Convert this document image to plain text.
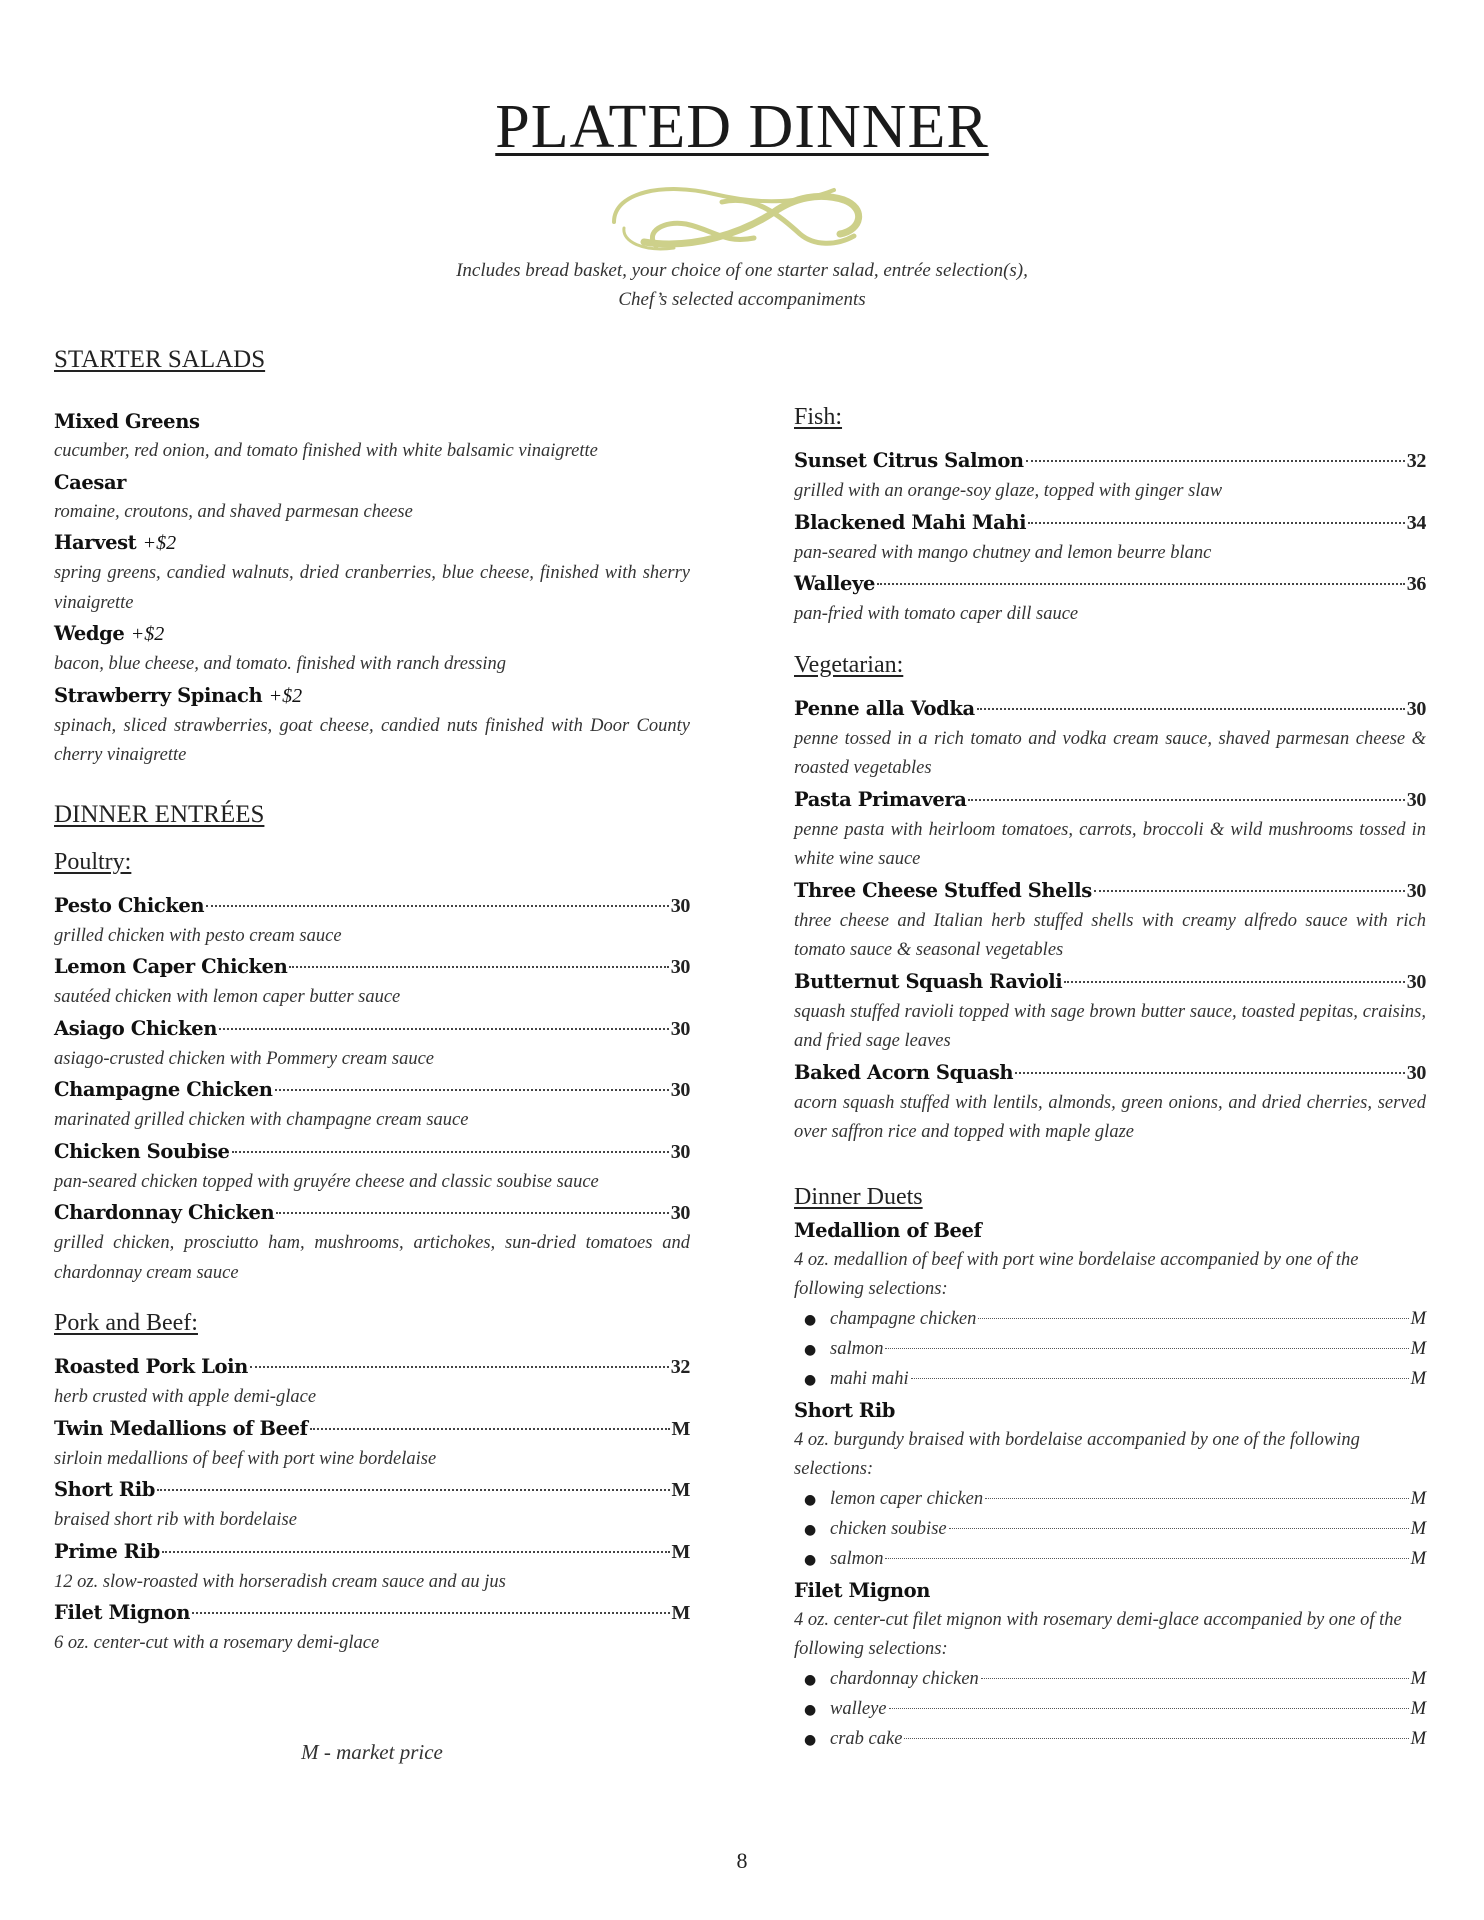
PLATED DINNER
Includes bread basket, your choice of one starter salad, entrée selection(s),
Chef’s selected accompaniments
STARTER SALADS
Mixed Greens
cucumber, red onion, and tomato finished with white balsamic vinaigrette
Caesar
romaine, croutons, and shaved parmesan cheese
Harvest +$2
spring greens, candied walnuts, dried cranberries, blue cheese, finished with sherry vinaigrette
Wedge +$2
bacon, blue cheese, and tomato. finished with ranch dressing
Strawberry Spinach +$2
spinach, sliced strawberries, goat cheese, candied nuts finished with Door County cherry vinaigrette
DINNER ENTRÉES
Poultry:
Pesto Chicken	30
grilled chicken with pesto cream sauce
Lemon Caper Chicken	30
sautéed chicken with lemon caper butter sauce
Asiago Chicken	30
asiago-crusted chicken with Pommery cream sauce
Champagne Chicken	30
marinated grilled chicken with champagne cream sauce
Chicken Soubise	30
pan-seared chicken topped with gruyére cheese and classic soubise sauce
Chardonnay Chicken	30
grilled chicken, prosciutto ham, mushrooms, artichokes, sun-dried tomatoes and chardonnay cream sauce
Pork and Beef:
Roasted Pork Loin	32
herb crusted with apple demi-glace
Twin Medallions of Beef	M
sirloin medallions of beef with port wine bordelaise
Short Rib	M
braised short rib with bordelaise
Prime Rib	M
12 oz. slow-roasted with horseradish cream sauce and au jus
Filet Mignon	M
6 oz. center-cut with a rosemary demi-glace
Fish:
Sunset Citrus Salmon	32
grilled with an orange-soy glaze, topped with ginger slaw
Blackened Mahi Mahi	34
pan-seared with mango chutney and lemon beurre blanc
Walleye	36
pan-fried with tomato caper dill sauce
Vegetarian:
Penne alla Vodka	30
penne tossed in a rich tomato and vodka cream sauce, shaved parmesan cheese & roasted vegetables
Pasta Primavera	30
penne pasta with heirloom tomatoes, carrots, broccoli & wild mushrooms tossed in white wine sauce
Three Cheese Stuffed Shells	30
three cheese and Italian herb stuffed shells with creamy alfredo sauce with rich tomato sauce & seasonal vegetables
Butternut Squash Ravioli	30
squash stuffed ravioli topped with sage brown butter sauce, toasted pepitas, craisins, and fried sage leaves
Baked Acorn Squash	30
acorn squash stuffed with lentils, almonds, green onions, and dried cherries, served over saffron rice and topped with maple glaze
Dinner Duets
Medallion of Beef
4 oz. medallion of beef with port wine bordelaise accompanied by one of the following selections:
● champagne chicken	M
● salmon	M
● mahi mahi	M
Short Rib
4 oz. burgundy braised with bordelaise accompanied by one of the following selections:
● lemon caper chicken	M
● chicken soubise	M
● salmon	M
Filet Mignon
4 oz. center-cut filet mignon with rosemary demi-glace accompanied by one of the following selections:
● chardonnay chicken	M
● walleye	M
● crab cake	M
M - market price
8
